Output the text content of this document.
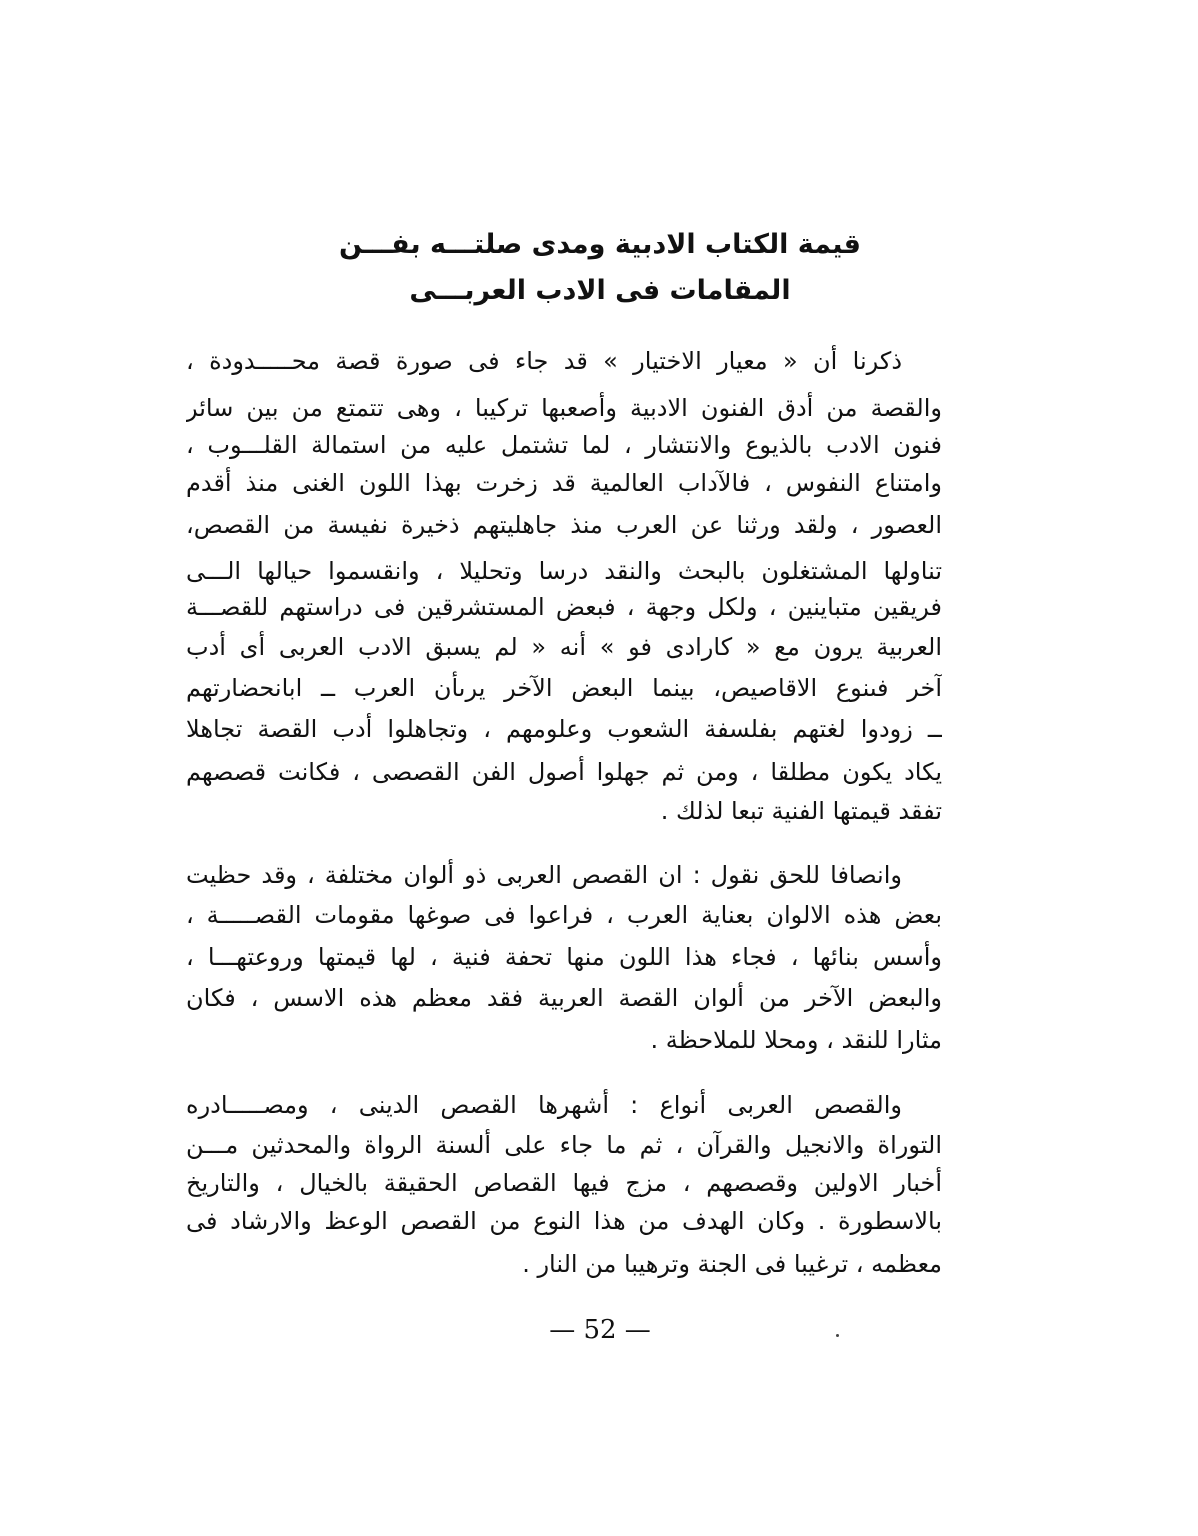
قيمة الكتاب الادبية ومدى صلتـــه بفـــن
المقامات فى الادب العربـــى
ذكرنا أن « معيار الاختيار » قد جاء فى صورة قصة محـــــدودة ،
والقصة من أدق الفنون الادبية وأصعبها تركيبا ، وهى تتمتع من بين سائر
فنون الادب بالذيوع والانتشار ، لما تشتمل عليه من استمالة القلـــوب ،
وامتناع النفوس ، فالآداب العالمية قد زخرت بهذا اللون الغنى منذ أقدم
العصور ، ولقد ورثنا عن العرب منذ جاهليتهم ذخيرة نفيسة من القصص،
تناولها المشتغلون بالبحث والنقد درسا وتحليلا ، وانقسموا حيالها الـــى
فريقين متباينين ، ولكل وجهة ، فبعض المستشرقين فى دراستهم للقصـــة
العربية يرون مع « كارادى فو » أنه « لم يسبق الادب العربى أى أدب
آخر فىنوع الاقاصيص، بينما البعض الآخر يرىأن العرب ــ ابانحضارتهم
ــ زودوا لغتهم بفلسفة الشعوب وعلومهم ، وتجاهلوا أدب القصة تجاهلا
يكاد يكون مطلقا ، ومن ثم جهلوا أصول الفن القصصى ، فكانت قصصهم
تفقد قيمتها الفنية تبعا لذلك .
وانصافا للحق نقول : ان القصص العربى ذو ألوان مختلفة ، وقد حظيت
بعض هذه الالوان بعناية العرب ، فراعوا فى صوغها مقومات القصـــــة ،
وأسس بنائها ، فجاء هذا اللون منها تحفة فنية ، لها قيمتها وروعتهـــا ،
والبعض الآخر من ألوان القصة العربية فقد معظم هذه الاسس ، فكان
مثارا للنقد ، ومحلا للملاحظة .
والقصص العربى أنواع : أشهرها القصص الدينى ، ومصـــــادره
التوراة والانجيل والقرآن ، ثم ما جاء على ألسنة الرواة والمحدثين مـــن
أخبار الاولين وقصصهم ، مزج فيها القصاص الحقيقة بالخيال ، والتاريخ
بالاسطورة . وكان الهدف من هذا النوع من القصص الوعظ والارشاد فى
معظمه ، ترغيبا فى الجنة وترهيبا من النار .
— 52 —
